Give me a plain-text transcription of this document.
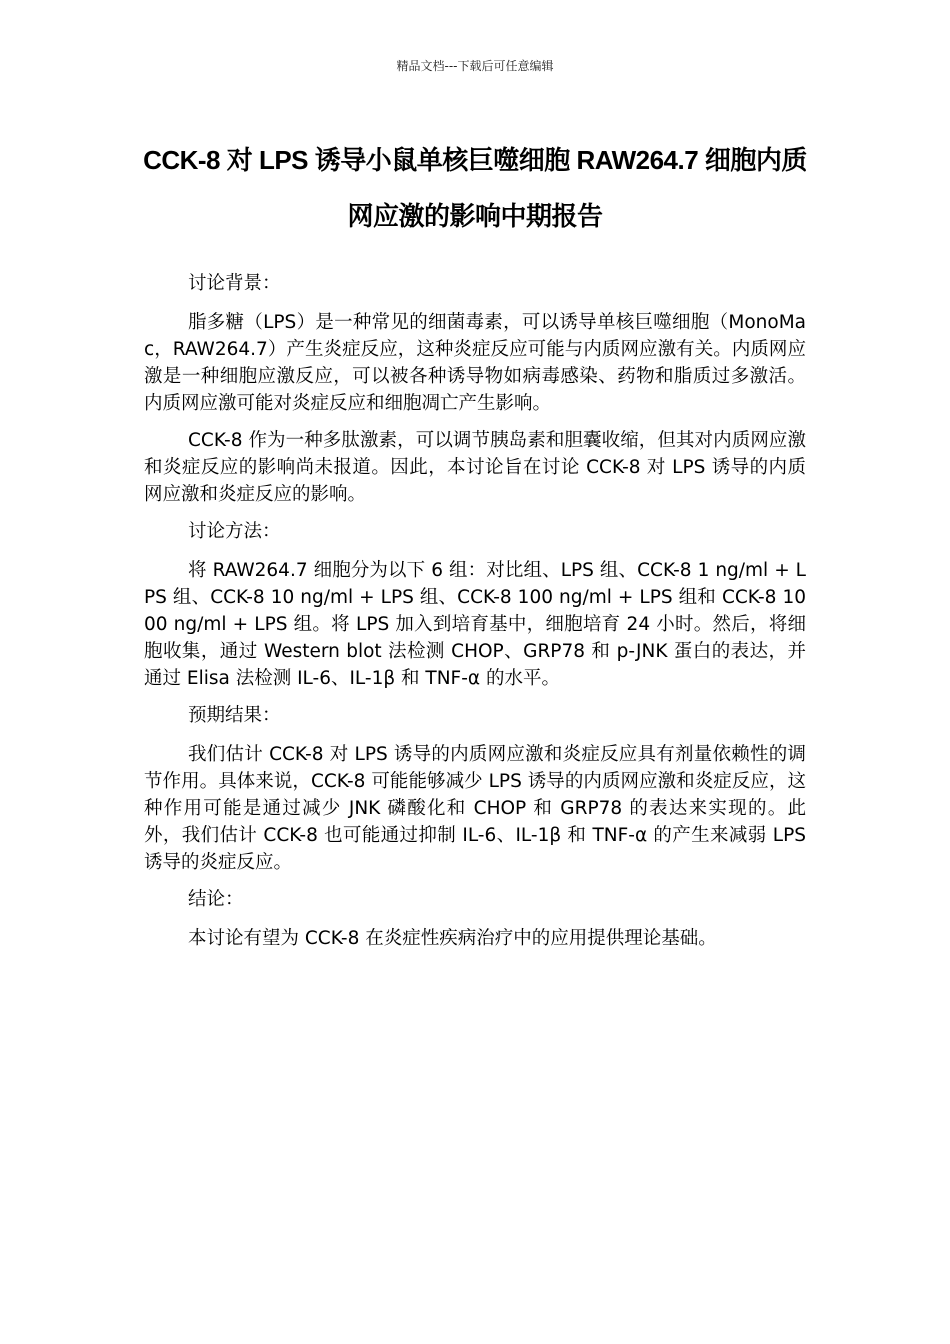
精品文档---下载后可任意编辑
CCK-8 对 LPS 诱导小鼠单核巨噬细胞 RAW264.7 细胞内质网应激的影响中期报告

讨论背景：

脂多糖（LPS）是一种常见的细菌毒素，可以诱导单核巨噬细胞（MonoMac，RAW264.7）产生炎症反应，这种炎症反应可能与内质网应激有关。内质网应激是一种细胞应激反应，可以被各种诱导物如病毒感染、药物和脂质过多激活。内质网应激可能对炎症反应和细胞凋亡产生影响。

CCK-8 作为一种多肽激素，可以调节胰岛素和胆囊收缩，但其对内质网应激和炎症反应的影响尚未报道。因此，本讨论旨在讨论 CCK-8 对 LPS 诱导的内质网应激和炎症反应的影响。

讨论方法：

将 RAW264.7 细胞分为以下 6 组：对比组、LPS 组、CCK-8 1 ng/ml + LPS 组、CCK-8 10 ng/ml + LPS 组、CCK-8 100 ng/ml + LPS 组和 CCK-8 1000 ng/ml + LPS 组。将 LPS 加入到培育基中，细胞培育 24 小时。然后，将细胞收集，通过 Western blot 法检测 CHOP、GRP78 和 p-JNK 蛋白的表达，并通过 Elisa 法检测 IL-6、IL-1β 和 TNF-α 的水平。

预期结果：

我们估计 CCK-8 对 LPS 诱导的内质网应激和炎症反应具有剂量依赖性的调节作用。具体来说，CCK-8 可能能够减少 LPS 诱导的内质网应激和炎症反应，这种作用可能是通过减少 JNK 磷酸化和 CHOP 和 GRP78 的表达来实现的。此外，我们估计 CCK-8 也可能通过抑制 IL-6、IL-1β 和 TNF-α 的产生来减弱 LPS 诱导的炎症反应。

结论：

本讨论有望为 CCK-8 在炎症性疾病治疗中的应用提供理论基础。
